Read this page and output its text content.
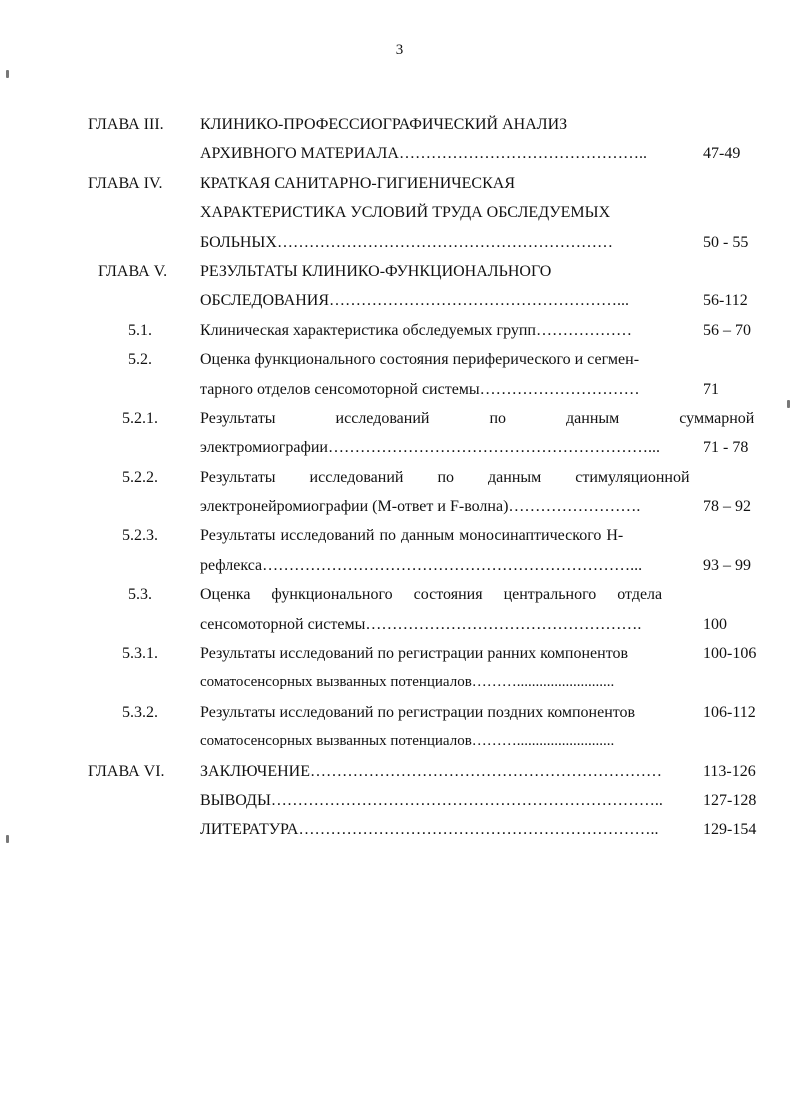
3
ГЛАВА III.	КЛИНИКО-ПРОФЕССИОГРАФИЧЕСКИЙ АНАЛИЗ
АРХИВНОГО МАТЕРИАЛА………………………………………..	47-49
ГЛАВА IV.	КРАТКАЯ САНИТАРНО-ГИГИЕНИЧЕСКАЯ
ХАРАКТЕРИСТИКА УСЛОВИЙ ТРУДА ОБСЛЕДУЕМЫХ
БОЛЬНЫХ………………………………………………………	50 - 55
ГЛАВА V.	РЕЗУЛЬТАТЫ КЛИНИКО-ФУНКЦИОНАЛЬНОГО
ОБСЛЕДОВАНИЯ………………………………………………...	56-112
5.1.	Клиническая характеристика обследуемых групп………………	56 – 70
5.2.	Оценка функционального состояния периферического и сегмен-
тарного отделов сенсомоторной системы…………………………	71
5.2.1.	Результаты исследований по данным суммарной
электромиографии……………………………………………………...	71 - 78
5.2.2.	Результаты исследований по данным стимуляционной
электронейромиографии (М-ответ и F-волна)…………………….	78 – 92
5.2.3.	Результаты исследований по данным моносинаптического Н-
рефлекса……………………………………………………………...	93 – 99
5.3.	Оценка функционального состояния центрального отдела
сенсомоторной системы…………………………………………….	100
5.3.1.	Результаты исследований по регистрации ранних компонентов	100-106
соматосенсорных вызванных потенциалов………..........................
5.3.2.	Результаты исследований по регистрации поздних компонентов	106-112
соматосенсорных вызванных потенциалов………..........................
ГЛАВА VI.	ЗАКЛЮЧЕНИЕ…………………………………………………………	113-126
ВЫВОДЫ………………………………………………………………..	127-128
ЛИТЕРАТУРА…………………………………………………………..	129-154
